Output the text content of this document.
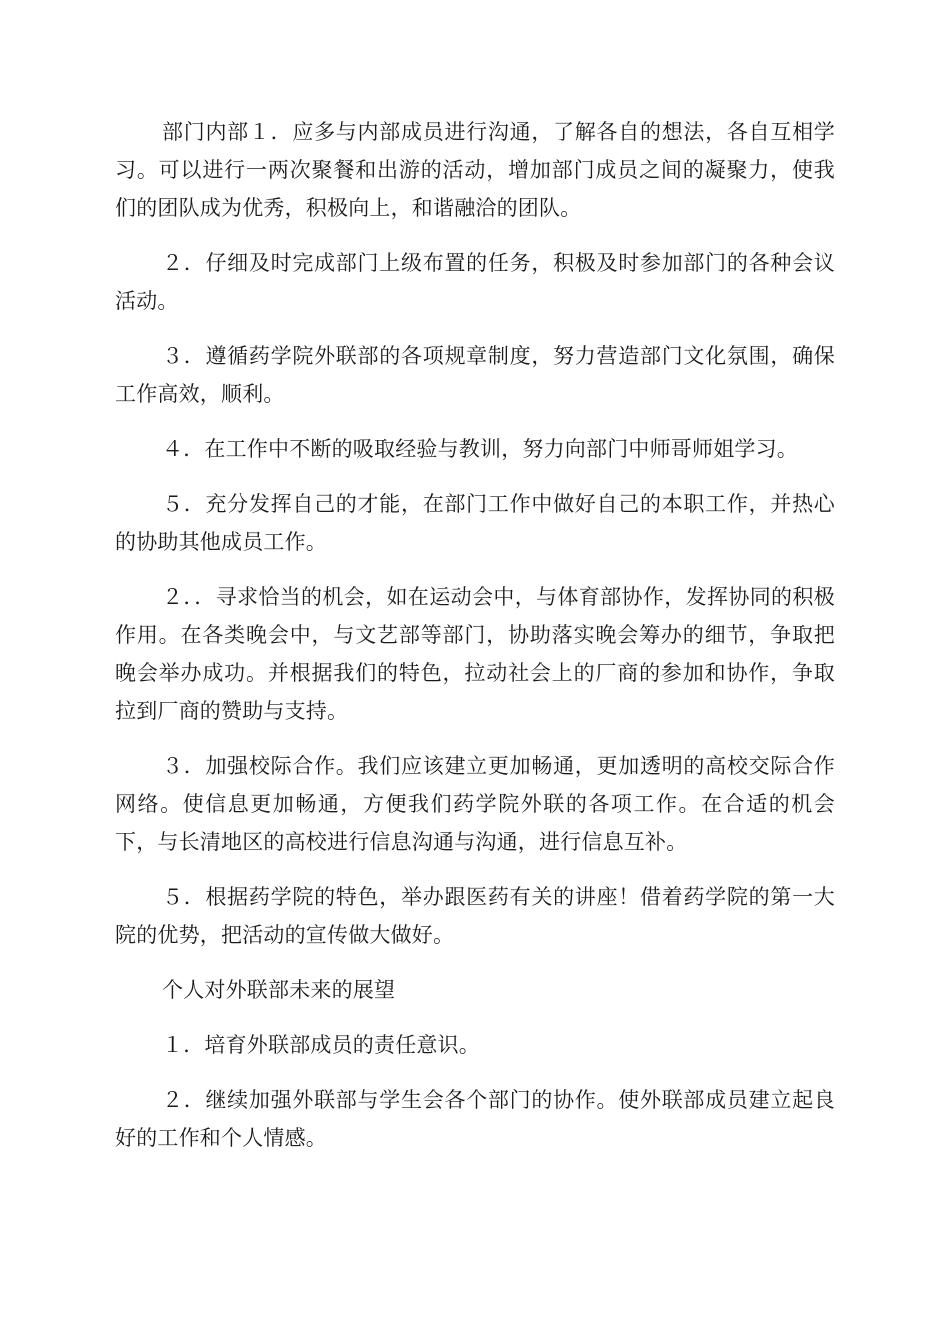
部门内部１．应多与内部成员进行沟通，了解各自的想法，各自互相学习。可以进行一两次聚餐和出游的活动，增加部门成员之间的凝聚力，使我们的团队成为优秀，积极向上，和谐融洽的团队。

２．仔细及时完成部门上级布置的任务，积极及时参加部门的各种会议活动。

３．遵循药学院外联部的各项规章制度，努力营造部门文化氛围，确保工作高效，顺利。

４．在工作中不断的吸取经验与教训，努力向部门中师哥师姐学习。

５．充分发挥自己的才能，在部门工作中做好自己的本职工作，并热心的协助其他成员工作。

２．．寻求恰当的机会，如在运动会中，与体育部协作，发挥协同的积极作用。在各类晚会中，与文艺部等部门，协助落实晚会筹办的细节，争取把晚会举办成功。并根据我们的特色，拉动社会上的厂商的参加和协作，争取拉到厂商的赞助与支持。

３．加强校际合作。我们应该建立更加畅通，更加透明的高校交际合作网络。使信息更加畅通，方便我们药学院外联的各项工作。在合适的机会下，与长清地区的高校进行信息沟通与沟通，进行信息互补。

５．根据药学院的特色，举办跟医药有关的讲座！借着药学院的第一大院的优势，把活动的宣传做大做好。

个人对外联部未来的展望

１．培育外联部成员的责任意识。

２．继续加强外联部与学生会各个部门的协作。使外联部成员建立起良好的工作和个人情感。
